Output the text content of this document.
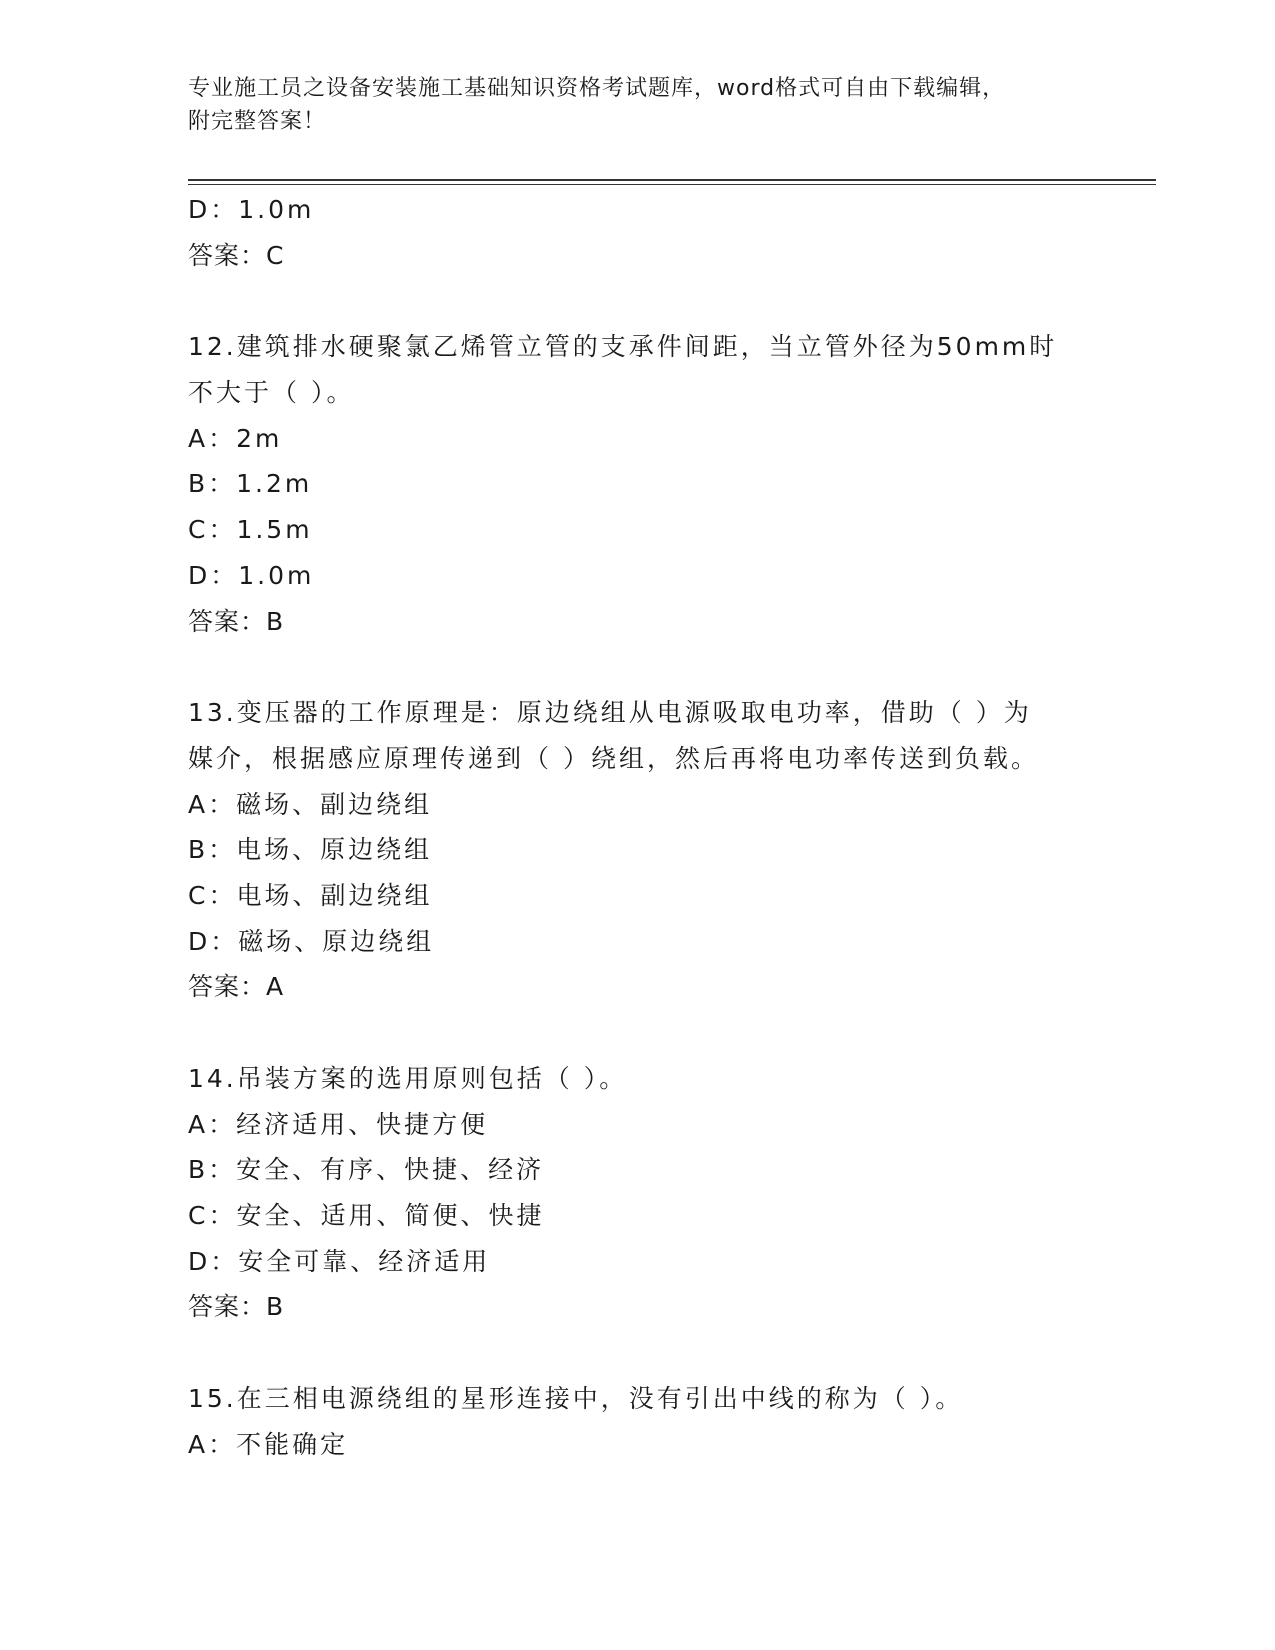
专业施工员之设备安装施工基础知识资格考试题库，word格式可自由下载编辑，
附完整答案！
D：1.0m
答案：C
12.建筑排水硬聚氯乙烯管立管的支承件间距，当立管外径为50mm时
不大于（ ）。
A：2m
B：1.2m
C：1.5m
D：1.0m
答案：B
13.变压器的工作原理是：原边绕组从电源吸取电功率，借助（ ）为
媒介，根据感应原理传递到（ ）绕组，然后再将电功率传送到负载。
A：磁场、副边绕组
B：电场、原边绕组
C：电场、副边绕组
D：磁场、原边绕组
答案：A
14.吊装方案的选用原则包括（ ）。
A：经济适用、快捷方便
B：安全、有序、快捷、经济
C：安全、适用、简便、快捷
D：安全可靠、经济适用
答案：B
15.在三相电源绕组的星形连接中，没有引出中线的称为（ ）。
A：不能确定
